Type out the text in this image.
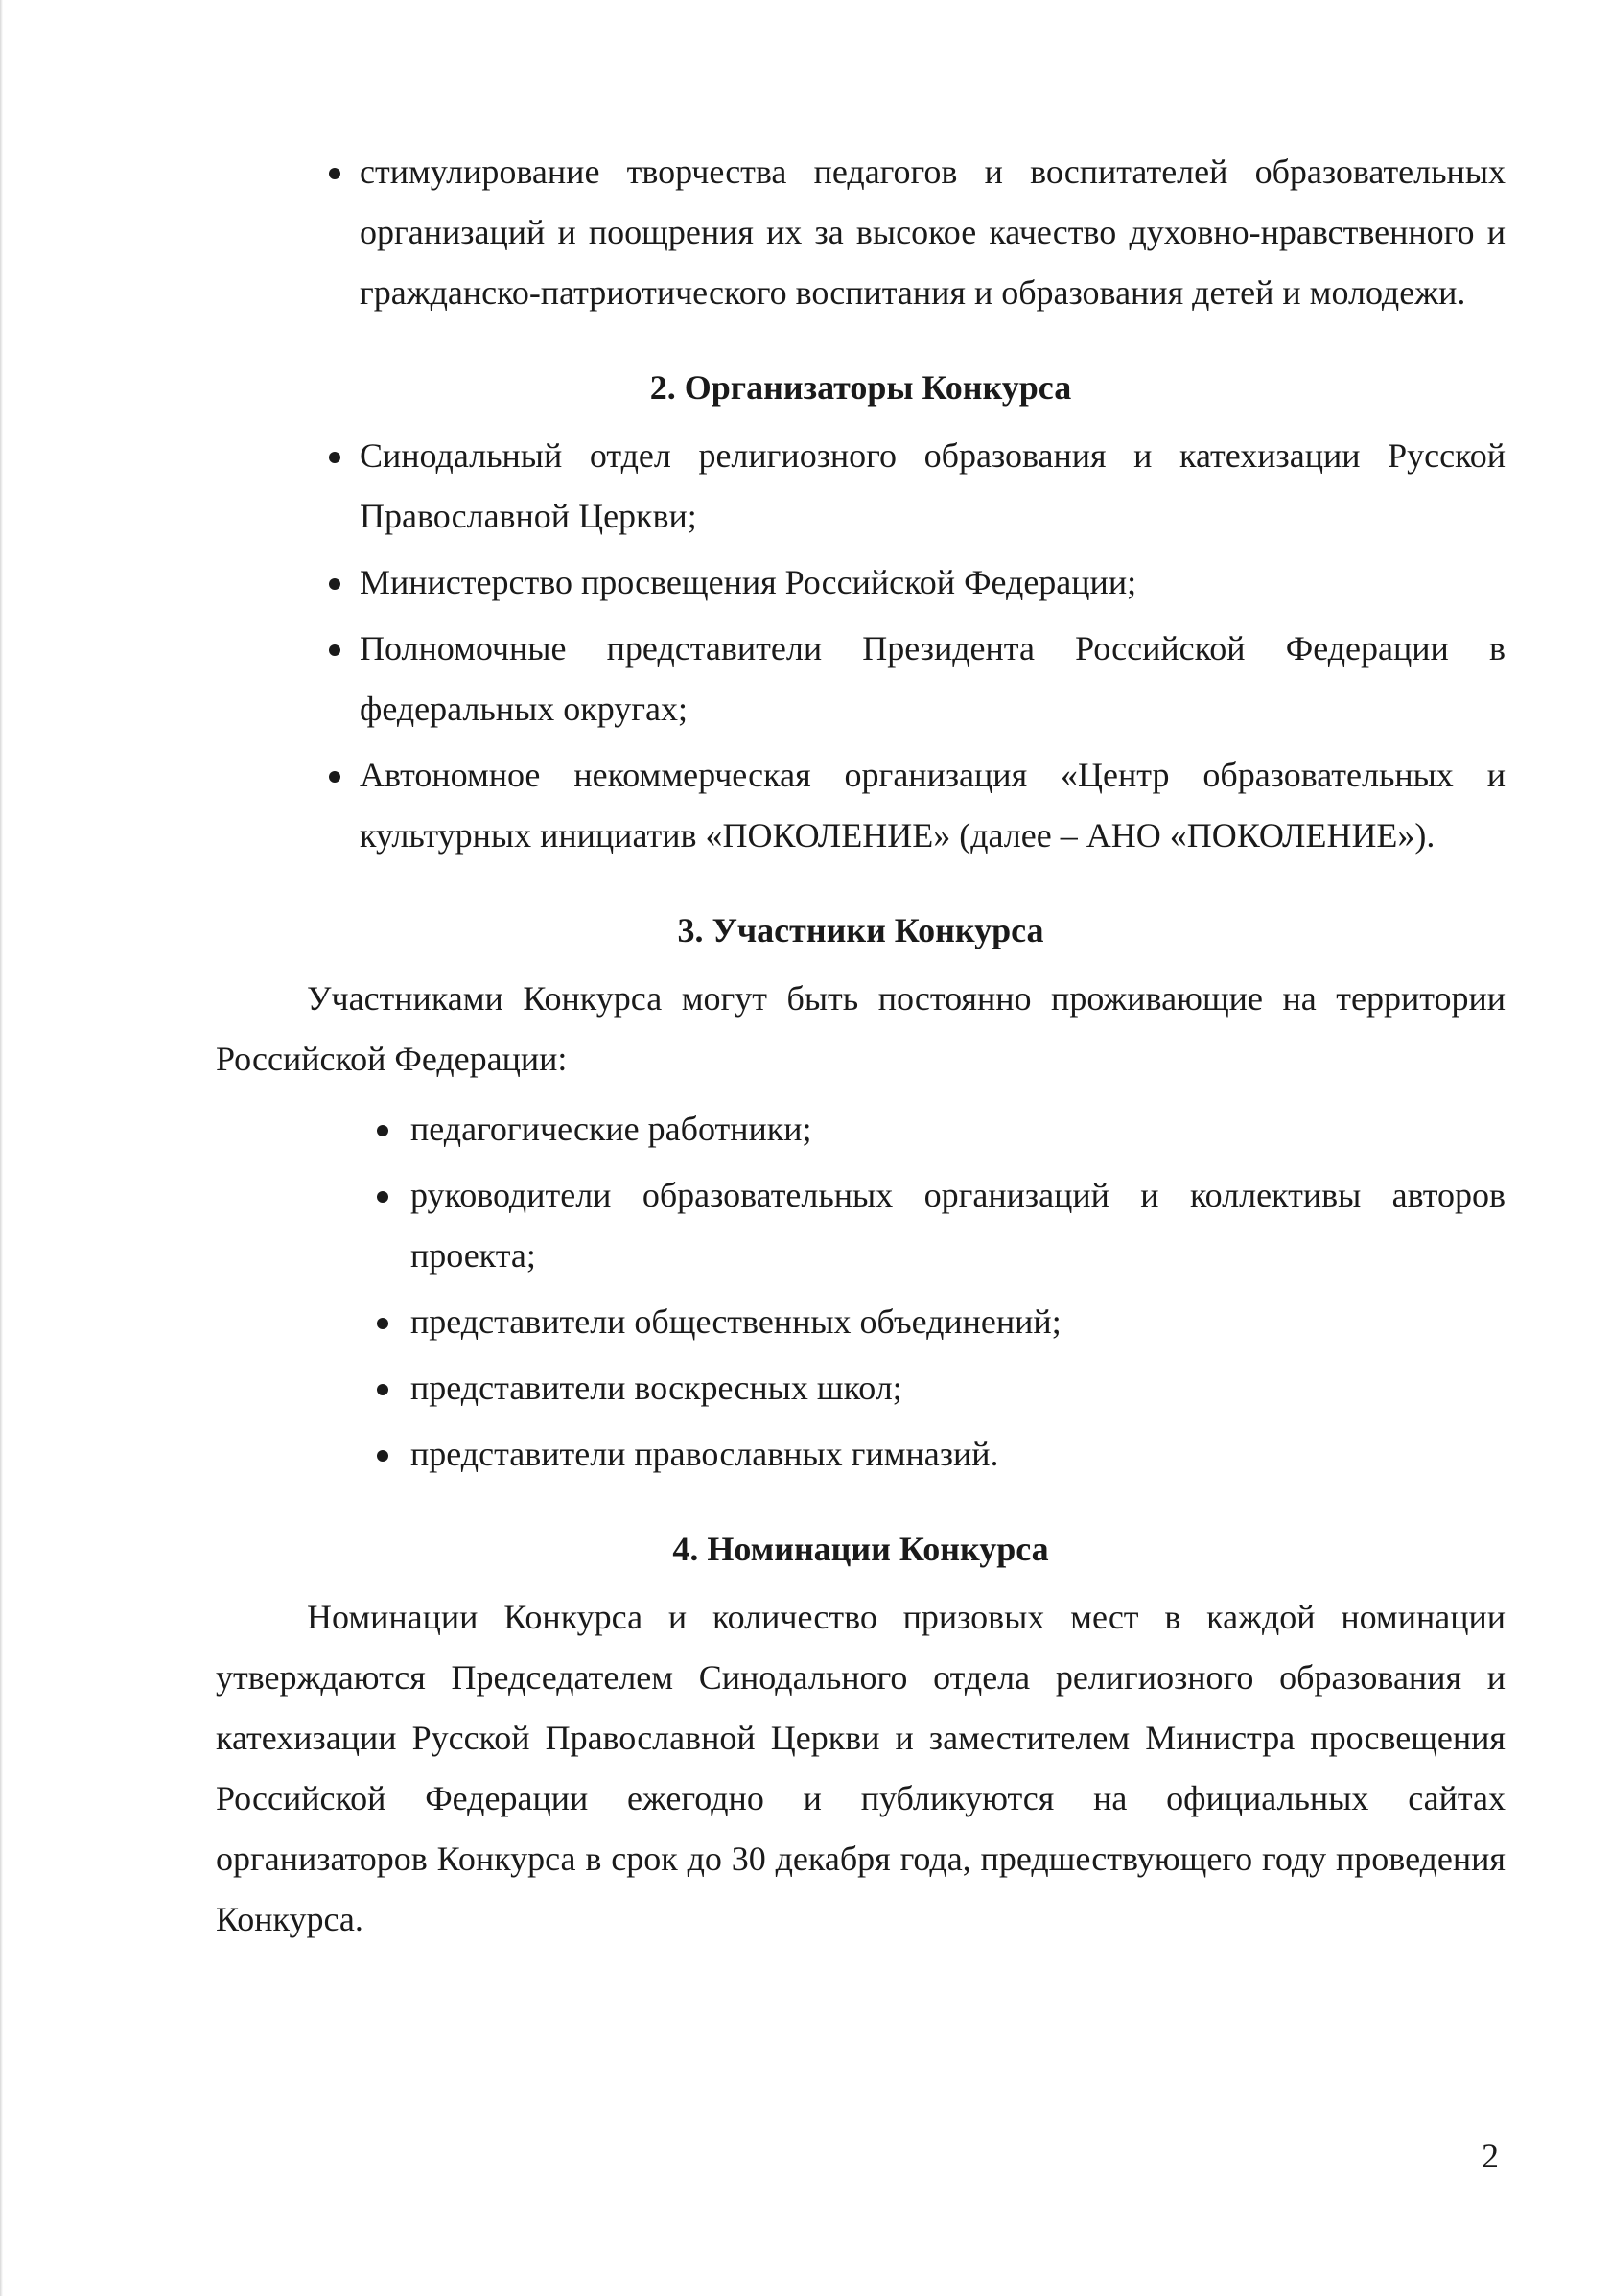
стимулирование творчества педагогов и воспитателей образовательных организаций и поощрения их за высокое качество духовно-нравственного и гражданско-патриотического воспитания и образования детей и молодежи.
2. Организаторы Конкурса
Синодальный отдел религиозного образования и катехизации Русской Православной Церкви;
Министерство просвещения Российской Федерации;
Полномочные представители Президента Российской Федерации в федеральных округах;
Автономное некоммерческая организация «Центр образовательных и культурных инициатив «ПОКОЛЕНИЕ» (далее – АНО «ПОКОЛЕНИЕ»).
3. Участники Конкурса

Участниками Конкурса могут быть постоянно проживающие на территории Российской Федерации:

педагогические работники;
руководители образовательных организаций и коллективы авторов проекта;
представители общественных объединений;
представители воскресных школ;
представители православных гимназий.
4. Номинации Конкурса

Номинации Конкурса и количество призовых мест в каждой номинации утверждаются Председателем Синодального отдела религиозного образования и катехизации Русской Православной Церкви и заместителем Министра просвещения Российской Федерации ежегодно и публикуются на официальных сайтах организаторов Конкурса в срок до 30 декабря года, предшествующего году проведения Конкурса.

2
